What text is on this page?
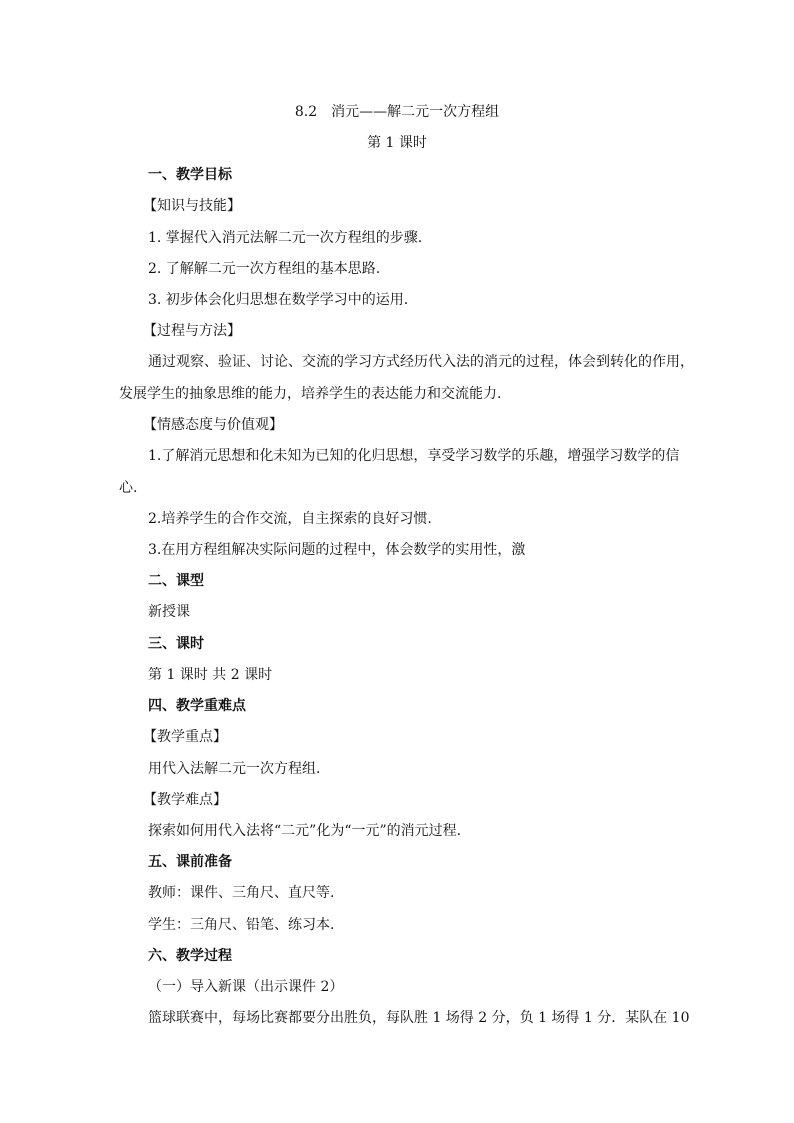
8.2　消元——解二元一次方程组
第 1 课时
一、教学目标
【知识与技能】
1. 掌握代入消元法解二元一次方程组的步骤.
2. 了解解二元一次方程组的基本思路.
3. 初步体会化归思想在数学学习中的运用.
【过程与方法】
通过观察、验证、讨论、交流的学习方式经历代入法的消元的过程，体会到转化的作用，
发展学生的抽象思维的能力，培养学生的表达能力和交流能力.
【情感态度与价值观】
1.了解消元思想和化未知为已知的化归思想，享受学习数学的乐趣，增强学习数学的信
心.
2.培养学生的合作交流，自主探索的良好习惯.
3.在用方程组解决实际问题的过程中，体会数学的实用性，激
二、课型
新授课
三、课时
第 1 课时 共 2 课时
四、教学重难点
【教学重点】
用代入法解二元一次方程组.
【教学难点】
探索如何用代入法将“二元”化为“一元”的消元过程.
五、课前准备
教师：课件、三角尺、直尺等.
学生：三角尺、铅笔、练习本.
六、教学过程
（一）导入新课（出示课件 2）
篮球联赛中，每场比赛都要分出胜负，每队胜 1 场得 2 分，负 1 场得 1 分．某队在 10
